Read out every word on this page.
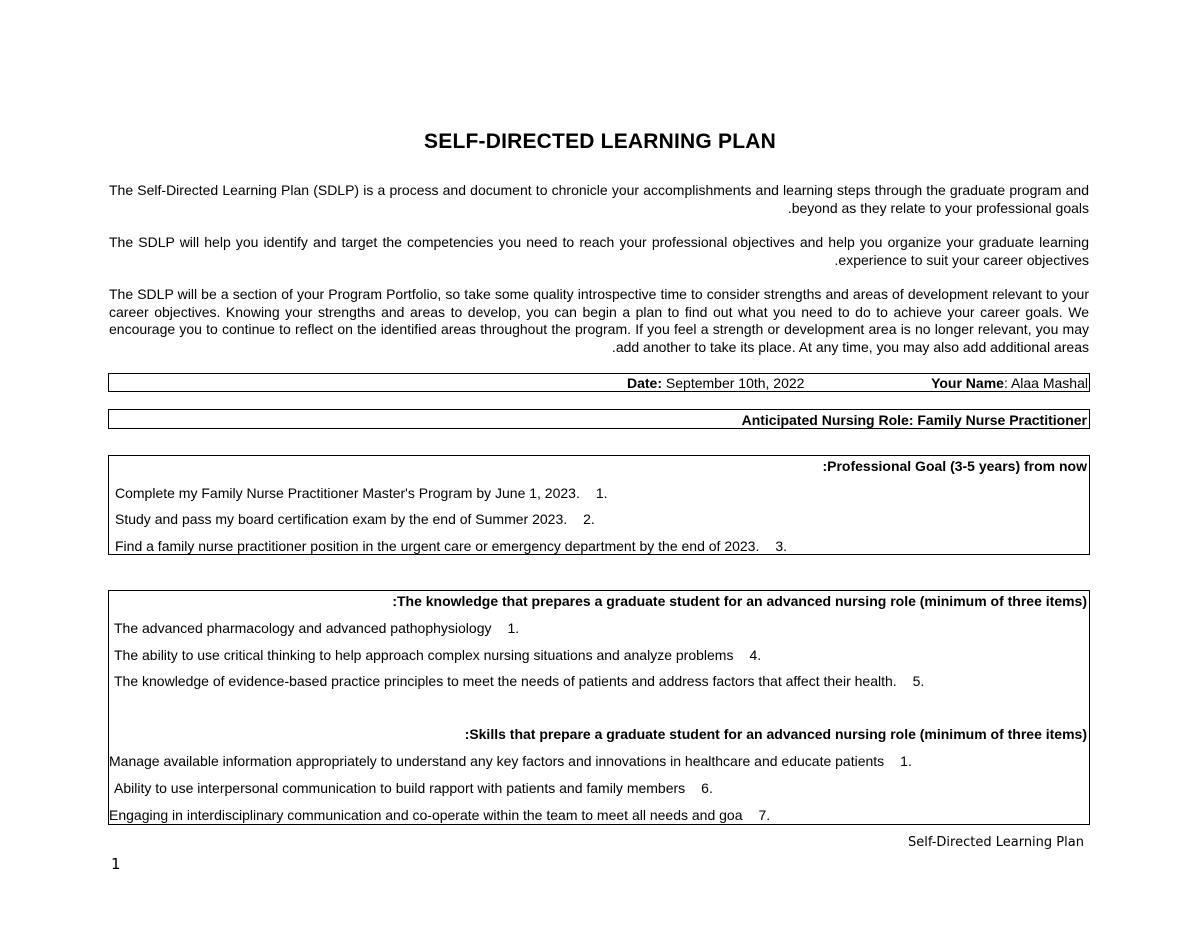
SELF-DIRECTED LEARNING PLAN

The Self-Directed Learning Plan (SDLP) is a process and document to chronicle your accomplishments and learning steps through the graduate program and beyond as they relate to your professional goals.

The SDLP will help you identify and target the competencies you need to reach your professional objectives and help you organize your graduate learning experience to suit your career objectives.

The SDLP will be a section of your Program Portfolio, so take some quality introspective time to consider strengths and areas of development relevant to your career objectives. Knowing your strengths and areas to develop, you can begin a plan to find out what you need to do to achieve your career goals. We encourage you to continue to reflect on the identified areas throughout the program. If you feel a strength or development area is no longer relevant, you may add another to take its place. At any time, you may also add additional areas.

Date: September 10th, 2022	Your Name: Alaa Mashal
Anticipated Nursing Role: Family Nurse Practitioner
Professional Goal (3-5 years) from now:
Complete my Family Nurse Practitioner Master's Program by June 1, 2023. 1.
Study and pass my board certification exam by the end of Summer 2023. 2.
Find a family nurse practitioner position in the urgent care or emergency department by the end of 2023. 3.
The knowledge that prepares a graduate student for an advanced nursing role (minimum of three items):
The advanced pharmacology and advanced pathophysiology 1.
The ability to use critical thinking to help approach complex nursing situations and analyze problems 4.
The knowledge of evidence-based practice principles to meet the needs of patients and address factors that affect their health. 5.
Skills that prepare a graduate student for an advanced nursing role (minimum of three items):
Manage available information appropriately to understand any key factors and innovations in healthcare and educate patients 1.
Ability to use interpersonal communication to build rapport with patients and family members 6.
Engaging in interdisciplinary communication and co-operate within the team to meet all needs and goa 7.
Self-Directed Learning Plan
1
